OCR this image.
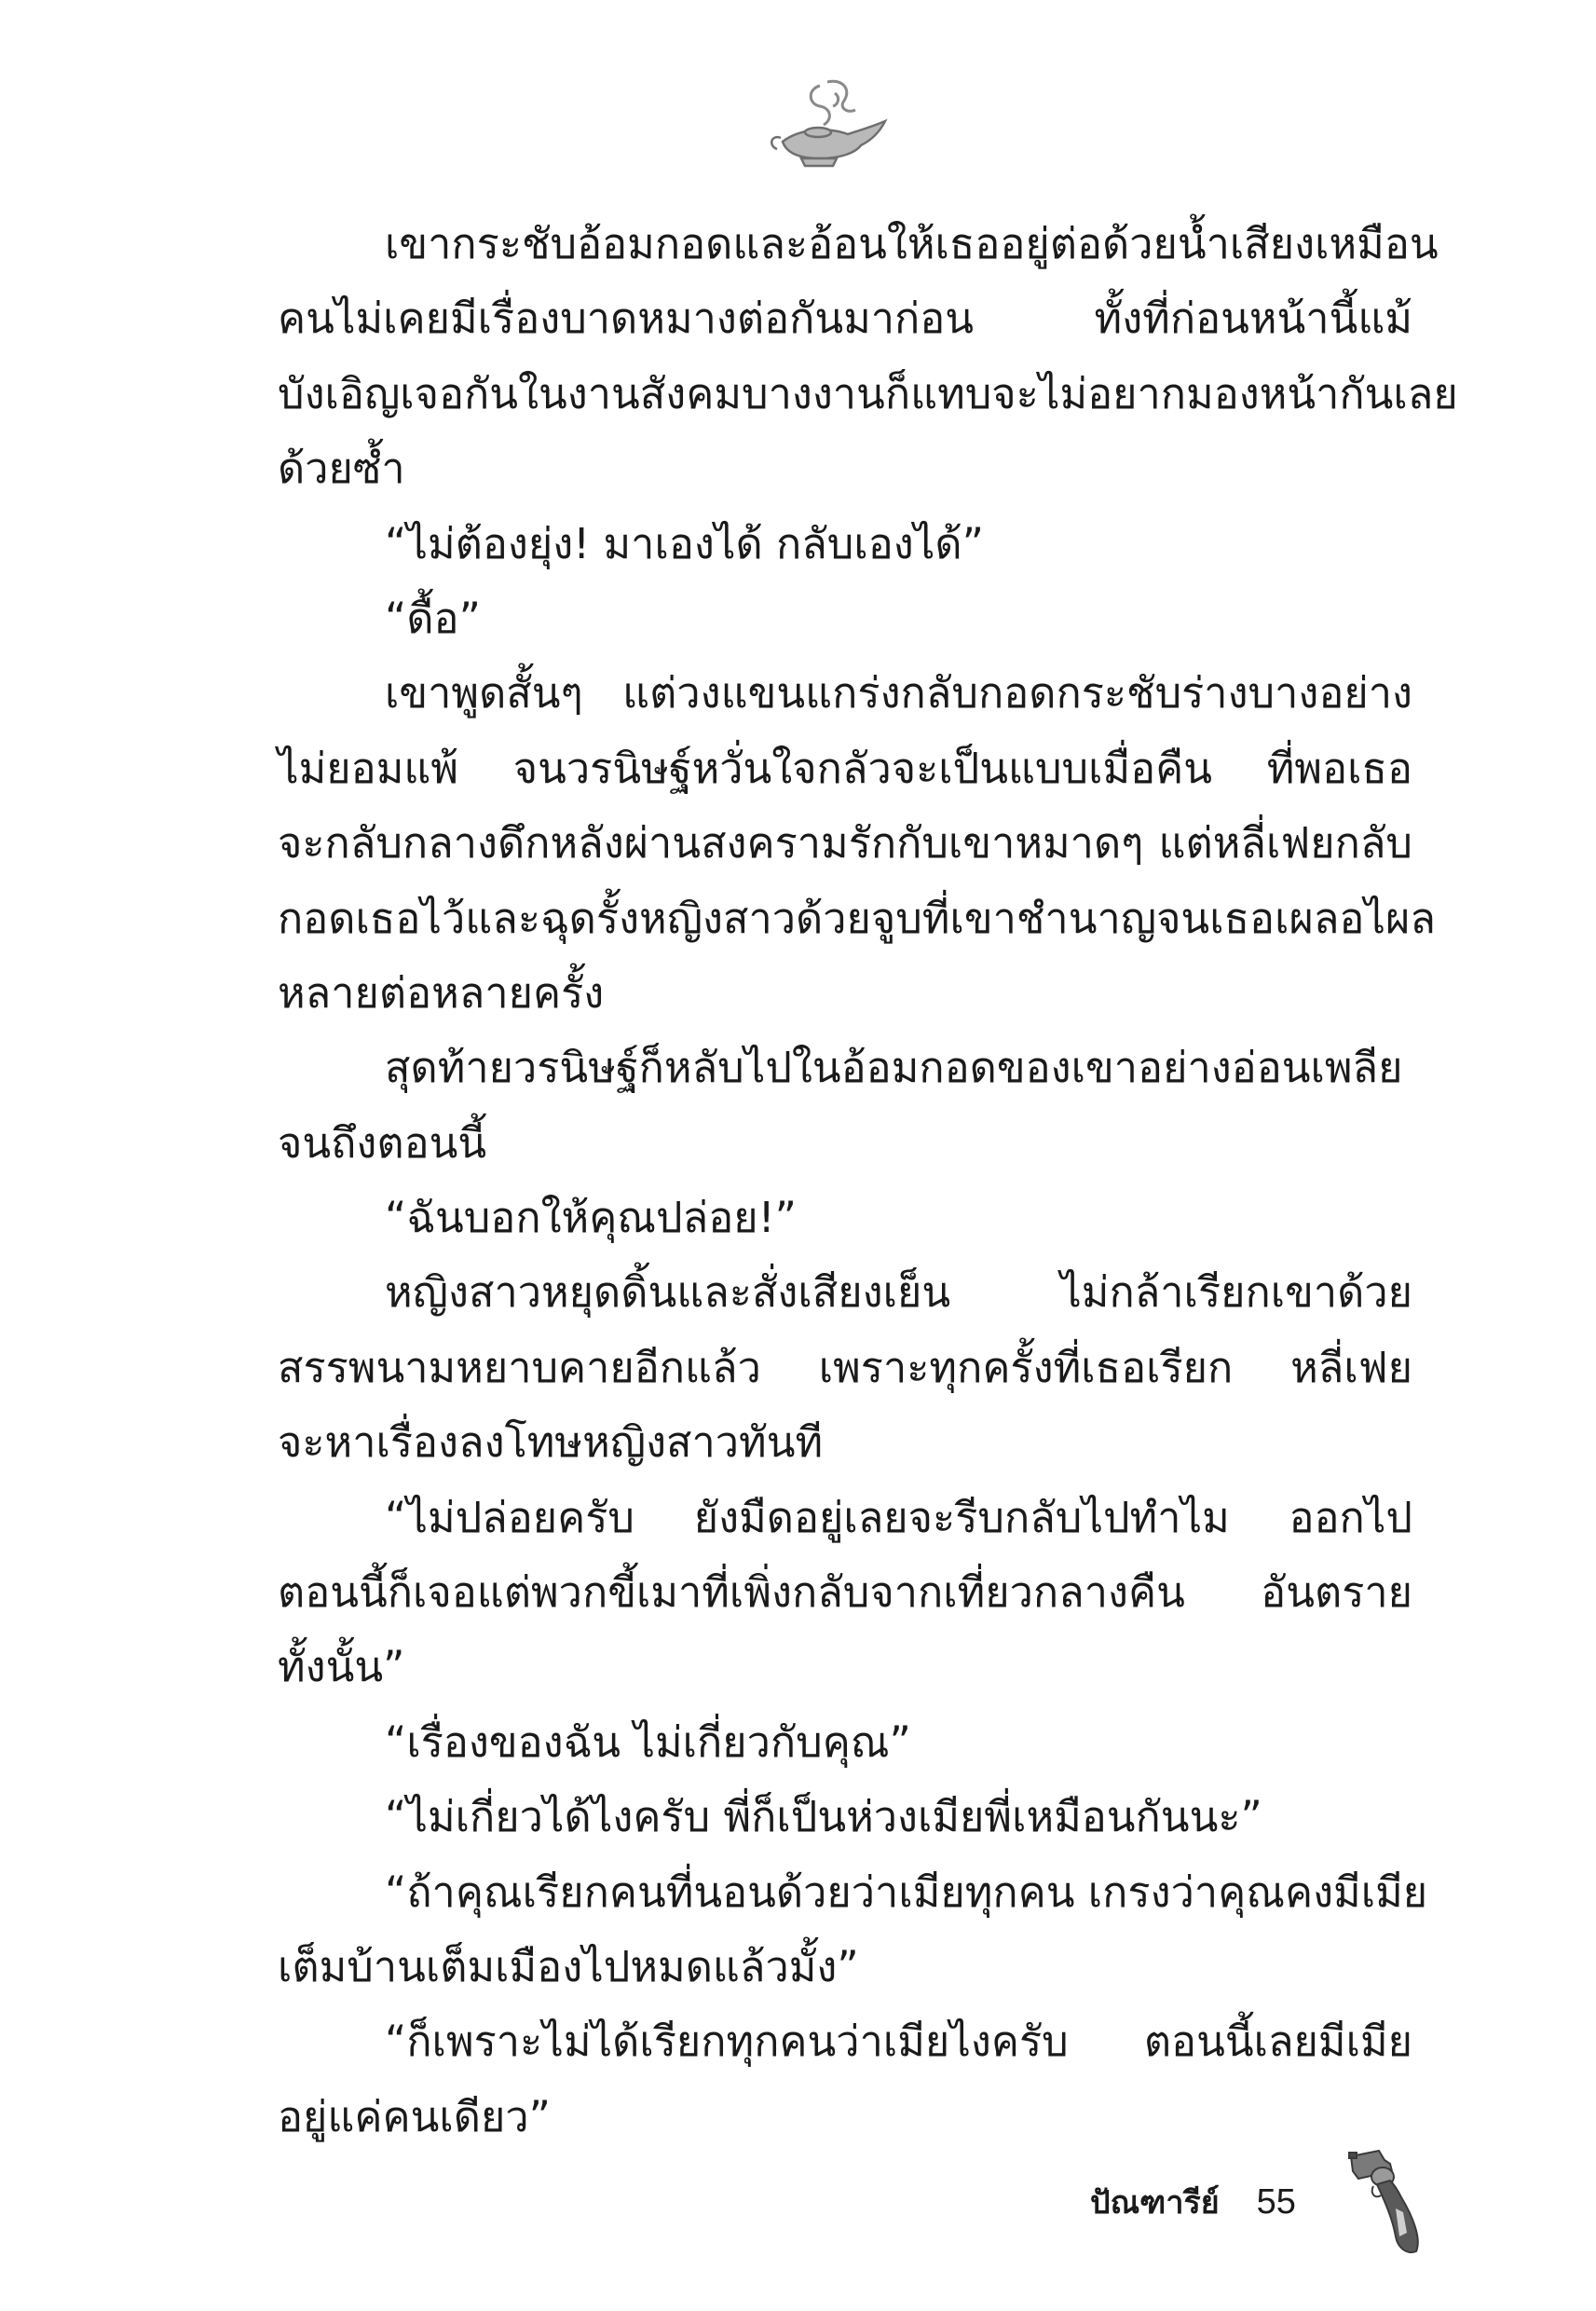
เขากระชับอ้อมกอดและอ้อนให้เธออยู่ต่อด้วยน้ำเสียงเหมือน
คนไม่เคยมีเรื่องบาดหมางต่อกันมาก่อน ทั้งที่ก่อนหน้านี้แม้
บังเอิญเจอกันในงานสังคมบางงานก็แทบจะไม่อยากมองหน้ากันเลย
ด้วยซ้ำ
“ไม่ต้องยุ่ง! มาเองได้ กลับเองได้”
“ดื้อ”
เขาพูดสั้นๆ แต่วงแขนแกร่งกลับกอดกระชับร่างบางอย่าง
ไม่ยอมแพ้ จนวรนิษฐ์หวั่นใจกลัวจะเป็นแบบเมื่อคืน ที่พอเธอ
จะกลับกลางดึกหลังผ่านสงครามรักกับเขาหมาดๆ แต่หลี่เฟยกลับ
กอดเธอไว้และฉุดรั้งหญิงสาวด้วยจูบที่เขาชำนาญจนเธอเผลอไผล
หลายต่อหลายครั้ง
สุดท้ายวรนิษฐ์ก็หลับไปในอ้อมกอดของเขาอย่างอ่อนเพลีย
จนถึงตอนนี้
“ฉันบอกให้คุณปล่อย!”
หญิงสาวหยุดดิ้นและสั่งเสียงเย็น ไม่กล้าเรียกเขาด้วย
สรรพนามหยาบคายอีกแล้ว เพราะทุกครั้งที่เธอเรียก หลี่เฟย
จะหาเรื่องลงโทษหญิงสาวทันที
“ไม่ปล่อยครับ ยังมืดอยู่เลยจะรีบกลับไปทำไม ออกไป
ตอนนี้ก็เจอแต่พวกขี้เมาที่เพิ่งกลับจากเที่ยวกลางคืน อันตราย
ทั้งนั้น”
“เรื่องของฉัน ไม่เกี่ยวกับคุณ”
“ไม่เกี่ยวได้ไงครับ พี่ก็เป็นห่วงเมียพี่เหมือนกันนะ”
“ถ้าคุณเรียกคนที่นอนด้วยว่าเมียทุกคน เกรงว่าคุณคงมีเมีย
เต็มบ้านเต็มเมืองไปหมดแล้วมั้ง”
“ก็เพราะไม่ได้เรียกทุกคนว่าเมียไงครับ ตอนนี้เลยมีเมีย
อยู่แค่คนเดียว”
ปัณฑารีย์ 55
